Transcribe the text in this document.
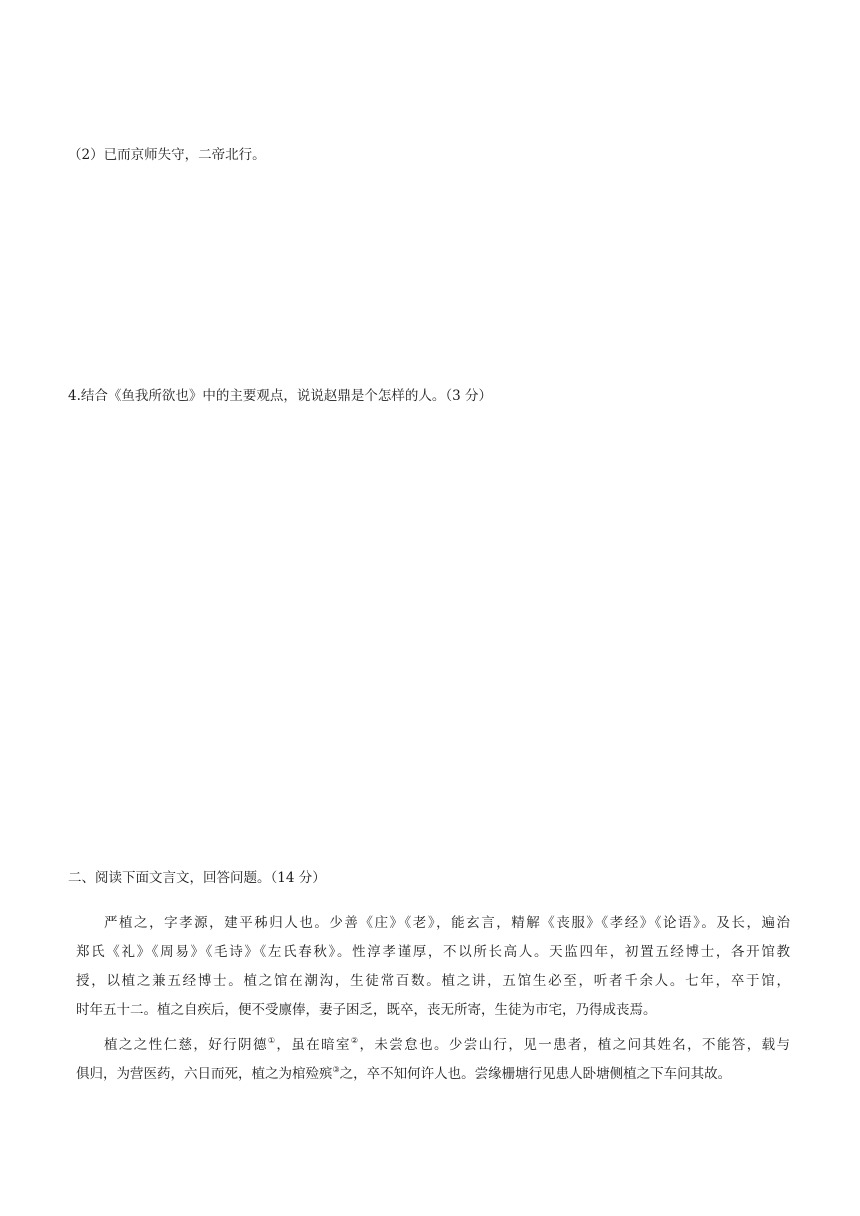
（2）已而京师失守，二帝北行。
4.结合《鱼我所欲也》中的主要观点，说说赵鼎是个怎样的人。（3 分）
二、阅读下面文言文，回答问题。（14 分）
严植之，字孝源，建平秭归人也。少善《庄》《老》，能玄言，精解《丧服》《孝经》《论语》。及长，遍治
郑氏《礼》《周易》《毛诗》《左氏春秋》。性淳孝谨厚，不以所长高人。天监四年，初置五经博士，各开馆教
授，以植之兼五经博士。植之馆在潮沟，生徒常百数。植之讲，五馆生必至，听者千余人。七年，卒于馆，
时年五十二。植之自疾后，便不受廪俸，妻子困乏，既卒，丧无所寄，生徒为市宅，乃得成丧焉。
植之之性仁慈，好行阴德①，虽在暗室②，未尝怠也。少尝山行，见一患者，植之问其姓名，不能答，载与
俱归，为营医药，六日而死，植之为棺殓殡③之，卒不知何许人也。尝缘栅塘行见患人卧塘侧植之下车问其故。
